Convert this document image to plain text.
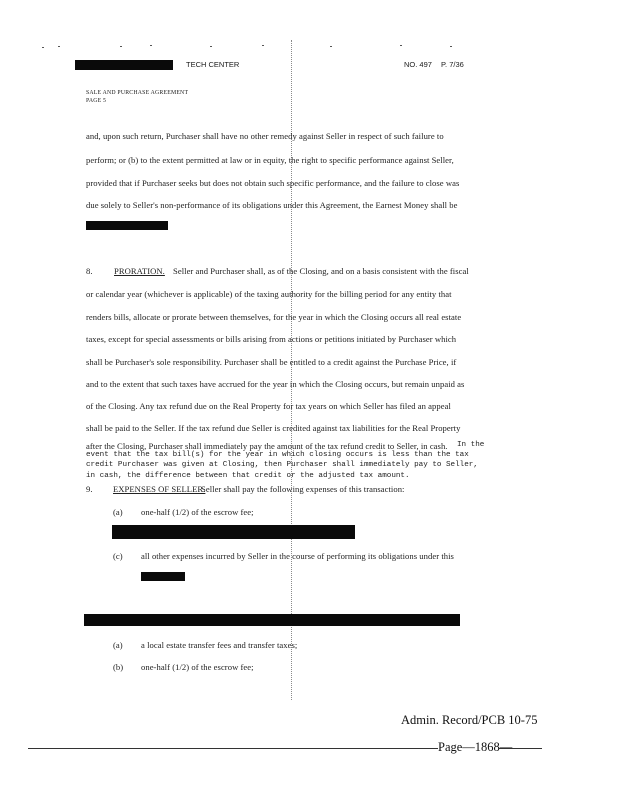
TECH CENTER	NO. 497 P. 7/36
SALE AND PURCHASE AGREEMENT
PAGE 5
and, upon such return, Purchaser shall have no other remedy against Seller in respect of such failure to
perform; or (b) to the extent permitted at law or in equity, the right to specific performance against Seller,
provided that if Purchaser seeks but does not obtain such specific performance, and the failure to close was
due solely to Seller's non-performance of its obligations under this Agreement, the Earnest Money shall be
8. PRORATION. Seller and Purchaser shall, as of the Closing, and on a basis consistent with the fiscal
or calendar year (whichever is applicable) of the taxing authority for the billing period for any entity that
renders bills, allocate or prorate between themselves, for the year in which the Closing occurs all real estate
taxes, except for special assessments or bills arising from actions or petitions initiated by Purchaser which
shall be Purchaser's sole responsibility. Purchaser shall be entitled to a credit against the Purchase Price, if
and to the extent that such taxes have accrued for the year in which the Closing occurs, but remain unpaid as
of the Closing. Any tax refund due on the Real Property for tax years on which Seller has filed an appeal
shall be paid to the Seller. If the tax refund due Seller is credited against tax liabilities for the Real Property
after the Closing, Purchaser shall immediately pay the amount of the tax refund credit to Seller, in cash. In the
event that the tax bill(s) for the year in which closing occurs is less than the tax
credit Purchaser was given at Closing, then Purchaser shall immediately pay to Seller,
in cash, the difference between that credit or the adjusted tax amount.
9. EXPENSES OF SELLER.
Seller shall pay the following expenses of this transaction:
(a) one-half (1/2) of the escrow fee;
(c) all other expenses incurred by Seller in the course of performing its obligations under this
(a) a local estate transfer fees and transfer taxes;
(b) one-half (1/2) of the escrow fee;
Admin. Record/PCB 10-75
Page—1868—
